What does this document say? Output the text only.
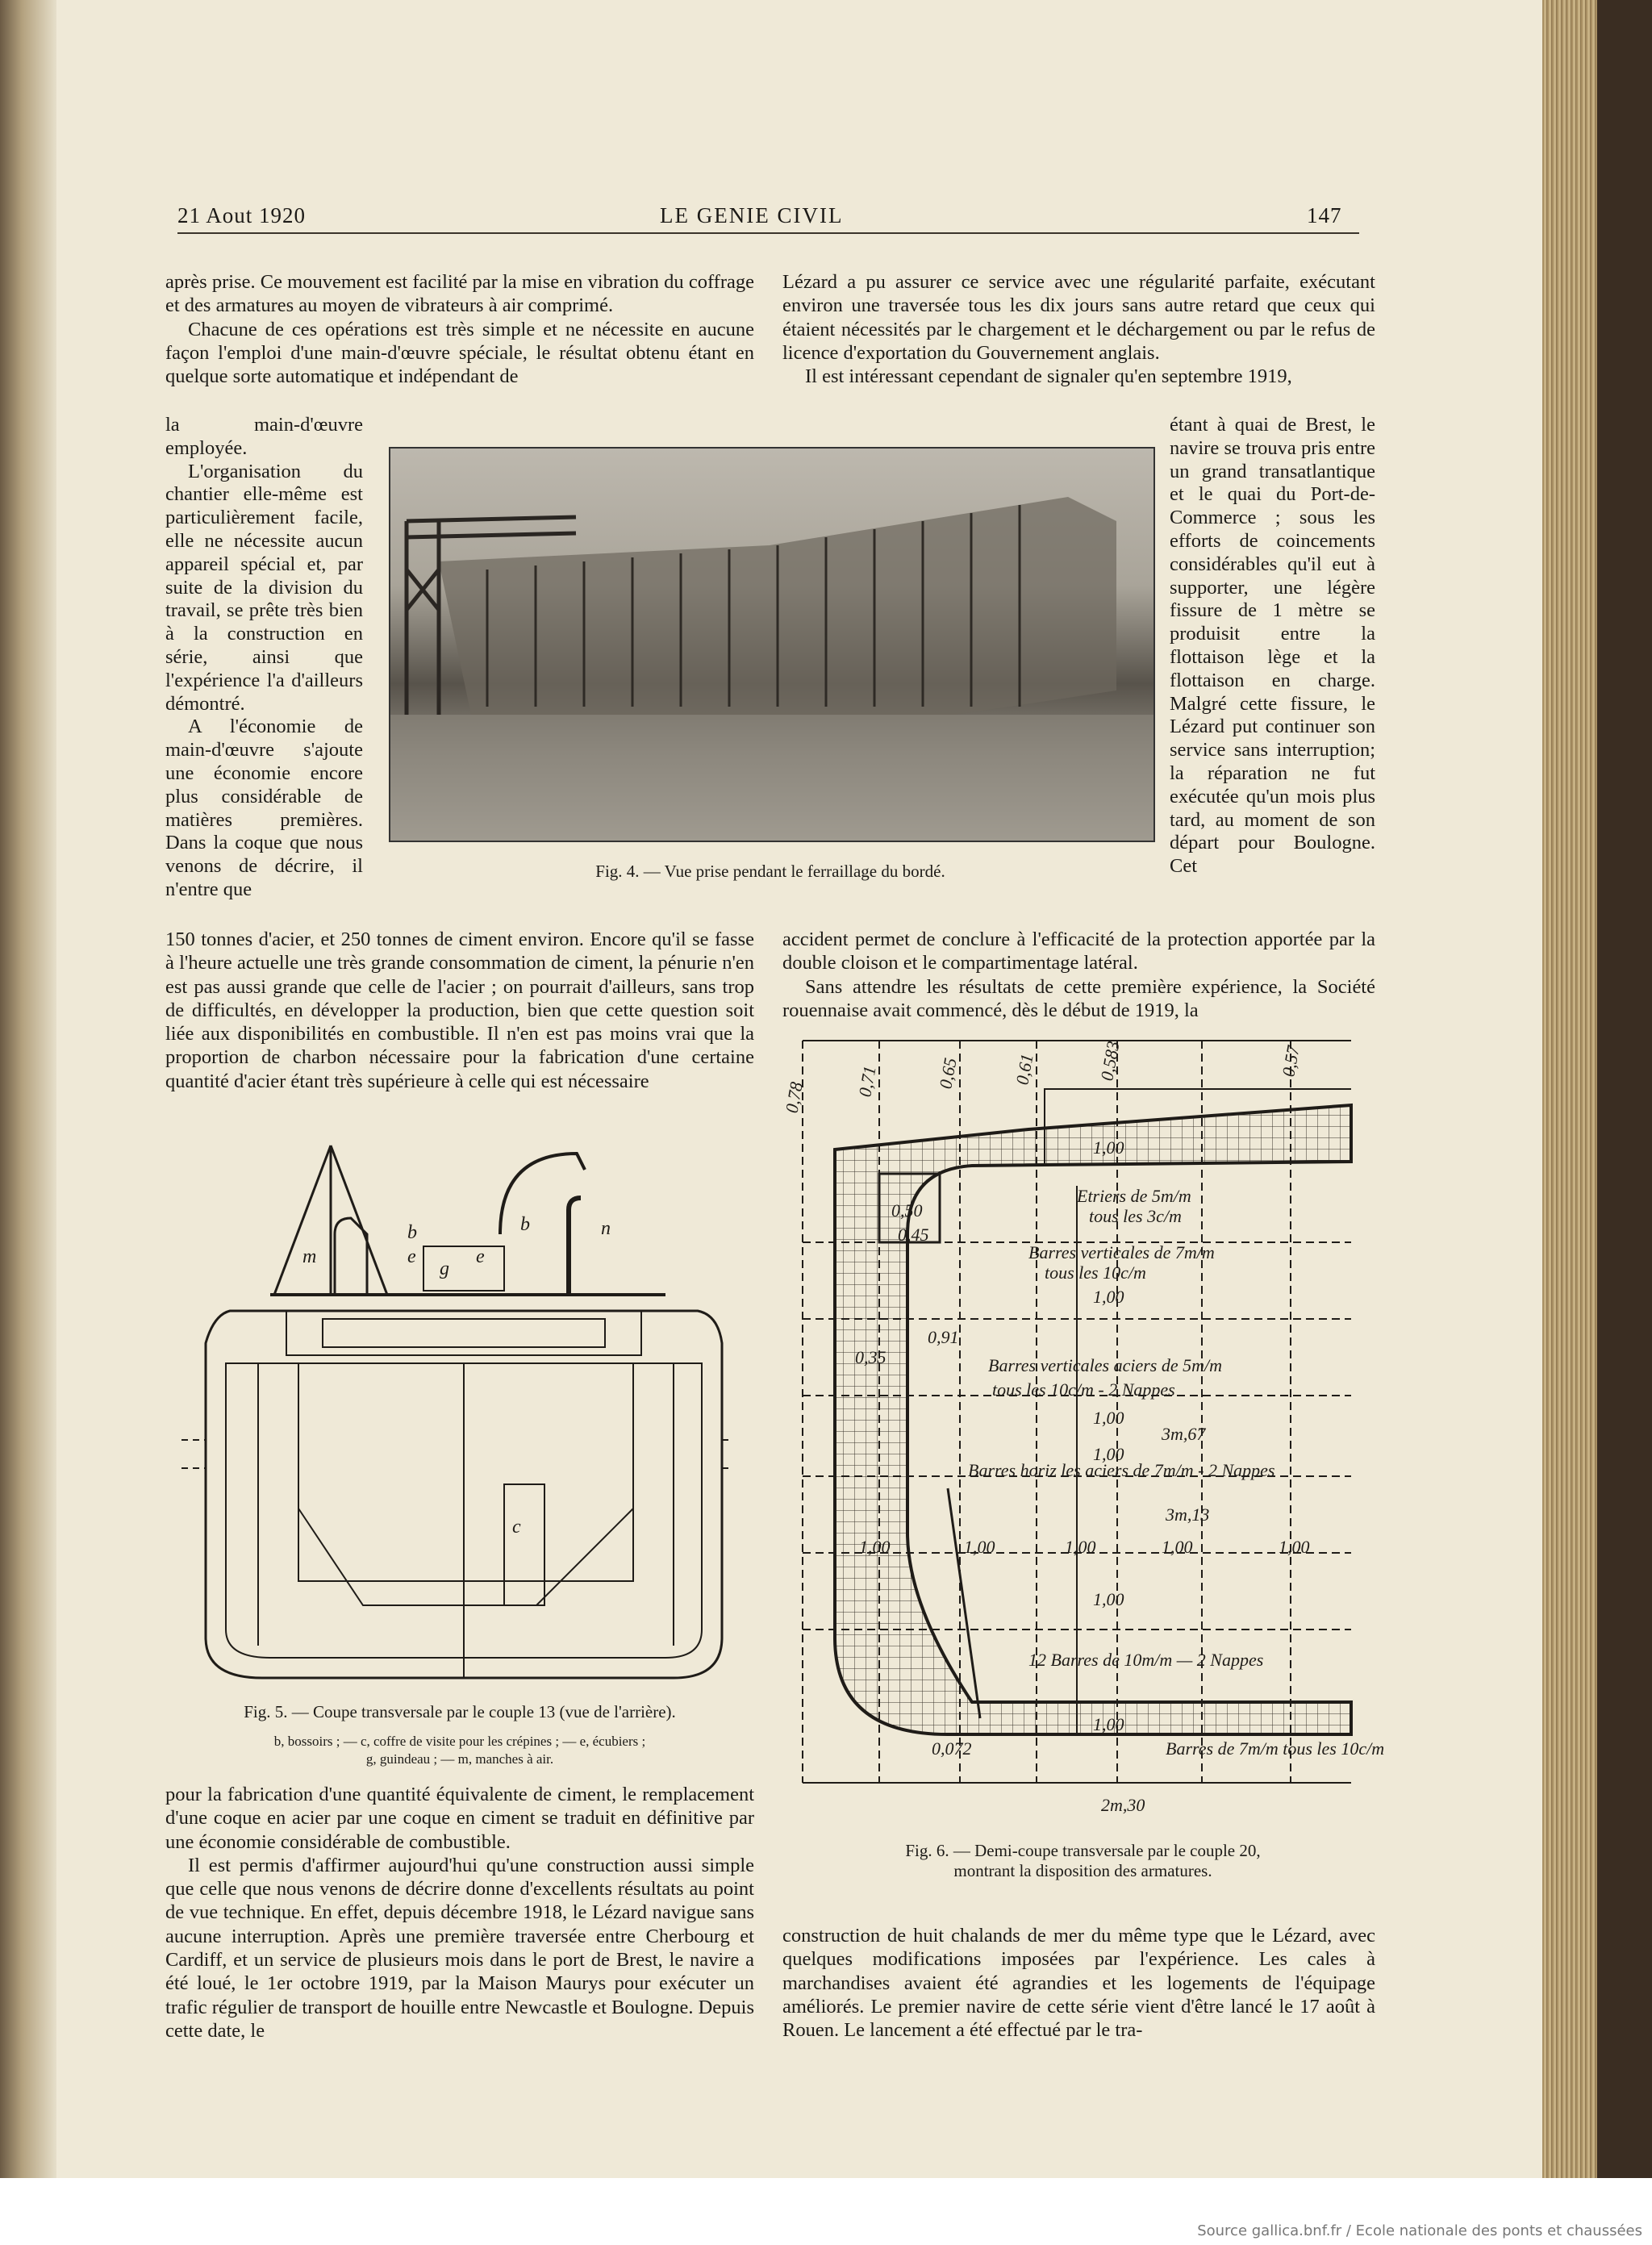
21 Aout 1920	LE GENIE CIVIL	147

après prise. Ce mouvement est facilité par la mise en vibration du coffrage et des armatures au moyen de vibrateurs à air comprimé.

Chacune de ces opérations est très simple et ne nécessite en aucune façon l'emploi d'une main-d'œuvre spéciale, le résultat obtenu étant en quelque sorte automatique et indépendant de

la main-d'œuvre employée.

L'organisation du chantier elle-même est particulièrement facile, elle ne nécessite aucun appareil spécial et, par suite de la division du travail, se prête très bien à la construction en série, ainsi que l'expérience l'a d'ailleurs démontré.

A l'économie de main-d'œuvre s'ajoute une économie encore plus considérable de matières premières. Dans la coque que nous venons de décrire, il n'entre que

150 tonnes d'acier, et 250 tonnes de ciment environ. Encore qu'il se fasse à l'heure actuelle une très grande consommation de ciment, la pénurie n'en est pas aussi grande que celle de l'acier ; on pourrait d'ailleurs, sans trop de difficultés, en développer la production, bien que cette question soit liée aux disponibilités en combustible. Il n'en est pas moins vrai que la proportion de charbon nécessaire pour la fabrication d'une certaine quantité d'acier étant très supérieure à celle qui est nécessaire

pour la fabrication d'une quantité équivalente de ciment, le remplacement d'une coque en acier par une coque en ciment se traduit en définitive par une économie considérable de combustible.

Il est permis d'affirmer aujourd'hui qu'une construction aussi simple que celle que nous venons de décrire donne d'excellents résultats au point de vue technique. En effet, depuis décembre 1918, le Lézard navigue sans aucune interruption. Après une première traversée entre Cherbourg et Cardiff, et un service de plusieurs mois dans le port de Brest, le navire a été loué, le 1er octobre 1919, par la Maison Maurys pour exécuter un trafic régulier de transport de houille entre Newcastle et Boulogne. Depuis cette date, le

Lézard a pu assurer ce service avec une régularité parfaite, exécutant environ une traversée tous les dix jours sans autre retard que ceux qui étaient nécessités par le chargement et le déchargement ou par le refus de licence d'exportation du Gouvernement anglais.

Il est intéressant cependant de signaler qu'en septembre 1919,

étant à quai de Brest, le navire se trouva pris entre un grand transatlantique et le quai du Port-de-Commerce ; sous les efforts de coincements considérables qu'il eut à supporter, une légère fissure de 1 mètre se produisit entre la flottaison lège et la flottaison en charge. Malgré cette fissure, le Lézard put continuer son service sans interruption; la réparation ne fut exécutée qu'un mois plus tard, au moment de son départ pour Boulogne. Cet

accident permet de conclure à l'efficacité de la protection apportée par la double cloison et le compartimentage latéral.

Sans attendre les résultats de cette première expérience, la Société rouennaise avait commencé, dès le début de 1919, la

construction de huit chalands de mer du même type que le Lézard, avec quelques modifications imposées par l'expérience. Les cales à marchandises avaient été agrandies et les logements de l'équipage améliorés. Le premier navire de cette série vient d'être lancé le 17 août à Rouen. Le lancement a été effectué par le tra-

Fig. 4. — Vue prise pendant le ferraillage du bordé.
b	b
m
n
e	e
g
c
Fig. 5. — Coupe transversale par le couple 13 (vue de l'arrière).
b, bossoirs ; — c, coffre de visite pour les crépines ; — e, écubiers ;
g, guindeau ; — m, manches à air.
0,78	0,71	0,65	0,61	0,583	0,57
Etriers de 5m/m
tous les 3c/m
Barres verticales de 7m/m
tous les 10c/m
0,91
Barres verticales aciers de 5m/m
tous les 10c/m - 2 Nappes
3m,67
Barres horiz les aciers de 7m/m - 2 Nappes
3m,13
1,00	1,00	1,00	1,00	1,00
12 Barres de 10m/m — 2 Nappes
Barres de 7m/m tous les 10c/m
2m,30
0,50
0,45
0,35
0,072
1,00
1,00
1,00
1,00
1,00
1,00
Fig. 6. — Demi-coupe transversale par le couple 20,
montrant la disposition des armatures.
Source gallica.bnf.fr / Ecole nationale des ponts et chaussées
